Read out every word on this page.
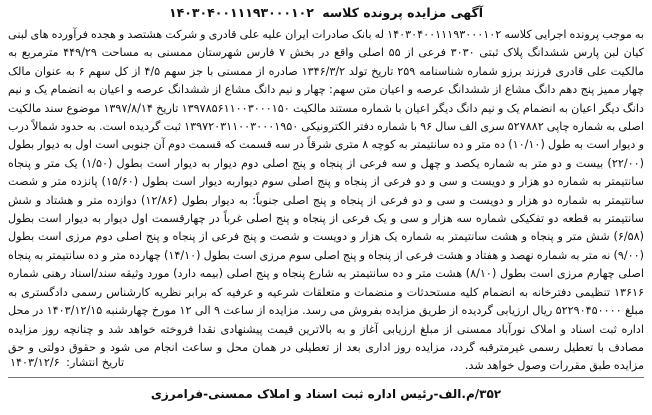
آگهی مزایده پرونده کلاسه ۱۴۰۳۰۴۰۰۱۱۱۹۳۰۰۰۱۰۲

به موجب پرونده اجرایی کلاسه ۱۴۰۳۰۴۰۰۱۱۱۹۳۰۰۰۱۰۲ له بانک صادرات ایران علیه علی قادری و شرکت هشتصد و هجده فرآورده های لبنی کیان لبن پارس ششدانگ پلاک ثبتی ۳۰۳۰ فرعی از ۵۵ اصلی واقع در بخش ۷ فارس شهرستان ممسنی به مساحت ۴۴۹/۲۹ مترمربع به مالکیت علی قادری فرزند برزو شماره شناسنامه ۲۵۹ تاریخ تولد ۱۳۴۶/۳/۲ صادره از ممسنی با جز سهم ۴/۵ از کل سهم ۶ به عنوان مالک چهار ممیز پنج دهم دانگ مشاع از ششدانگ عرصه و اعیان متن سهم: چهار و نیم دانگ مشاع از ششدانگ عرصه و اعیان به انضمام یک و نیم دانگ دیگر اعیان به انضمام یک و نیم دانگ دیگر اعیان با شماره مستند مالکیت ۱۳۹۷۸۵۶۱۱۰۰۳۰۰۰۱۵۰ تاریخ ۱۳۹۷/۸/۱۴ موضوع سند مالکیت اصلی به شماره چاپی ۵۲۷۸۸۲ سری الف سال ۹۶ با شماره دفتر الکترونیکی ۱۳۹۷۲۰۳۱۱۰۰۳۰۰۰۱۹۵۰ ثبت گردیده است. به حدود شمالاً درب و دیوار است به طول (۱۰/۱۰) ده متر و ده سانتیمتر به کوچه ۸ متری شرقاً در سه قسمت که قسمت دوم آن جنوبی است اول به دیوار بطول (۲۲/۰۰) بیست و دو متر به شماره یکصد و چهل و سه فرعی از پنجاه و پنج اصلی دوم دیوار به دیوار است بطول (۱/۵۰) یک متر و پنجاه سانتیمتر به شماره دو هزار و دویست و سی و دو فرعی از پنجاه و پنج اصلی سوم دیواربه دیوار است بطول (۱۵/۶۰) پانزده متر و شصت سانتیمتر به شماره دو هزار و دویست و سی و دو فرعی از پنجاه و پنج اصلی جنوباً: به دیوار بطول (۱۲/۸۶) دوازده متر و هشتاد و شش سانتیمتر به قطعه دو تفکیکی شماره سه هزار و سی و یک فرعی از پنجاه و پنج اصلی غرباً در چهارقسمت اول دیوار به دیوار است بطول (۶/۵۸) شش متر و پنجاه و هشت سانتیمتر به شماره یک هزار و دویست و شصت و پنج فرعی از پنجاه و پنج اصلی دوم مرزی است بطول (۹/۰۰) نه متر به شماره نهصد و هفتاد و هشت فرعی از پنجاه و پنج اصلی سوم مرزی است بطول (۱۴/۱۰) چهارده متر و ده سانتیمتر به پنجاه اصلی چهارم مرزی است بطول (۸/۱۰) هشت متر و ده سانتیمتر به شارع پنجاه و پنج اصلی (بیمه دارد) مورد وثیقه سند/اسناد رهنی شماره ۱۳۶۱۶ تنظیمی دفترخانه به انضمام کلیه مستحدثات و منضمات و متعلقات شرعیه و عرفیه که برابر نظریه کارشناس رسمی دادگستری به مبلغ ۵۲۲۹۰۴۵۰۰۰۰ ریال ارزیابی گردیده از طریق مزایده بفروش می رسد. مزایده از ساعت ۹ الی ۱۲ مورخ چهارشنبه ۱۴۰۳/۱۲/۱۵ در محل اداره ثبت اسناد و املاک نورآباد ممسنی از مبلغ ارزیابی آغاز و به بالاترین قیمت پیشنهادی نقدا فروخته خواهد شد و چنانچه روز مزایده مصادف با تعطیل رسمی غیرمترقبه گردد، مزایده روز اداری بعد از تعطیلی در همان محل و ساعت انجام می شود و حقوق دولتی و حق مزایده طبق مقررات وصول خواهد شد.

تاریخ انتشار: ۱۴۰۳/۱۲/۶
۳۵۲/م.الف-رئیس اداره ثبت اسناد و املاک ممسنی-فرامرزی
